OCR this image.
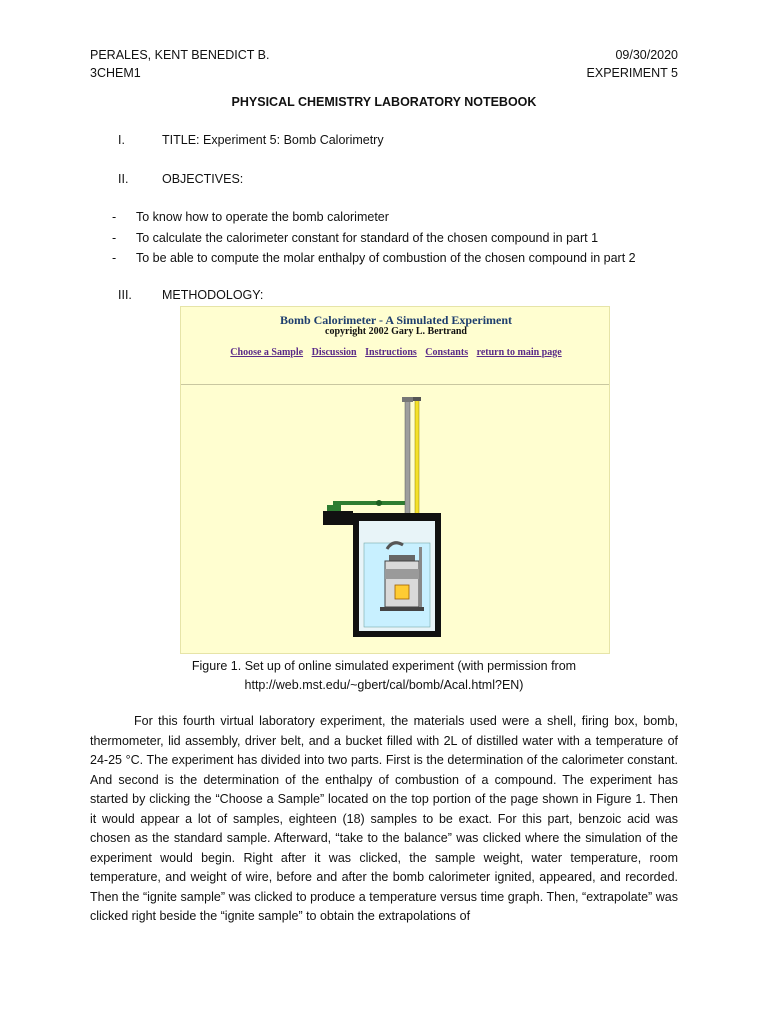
PERALES, KENT BENEDICT B.	09/30/2020
3CHEM1	EXPERIMENT 5
PHYSICAL CHEMISTRY LABORATORY NOTEBOOK
I.	TITLE: Experiment 5: Bomb Calorimetry
II.	OBJECTIVES:
- To know how to operate the bomb calorimeter
- To calculate the calorimeter constant for standard of the chosen compound in part 1
- To be able to compute the molar enthalpy of combustion of the chosen compound in part 2
III. METHODOLOGY:
Bomb Calorimeter - A Simulated Experiment
copyright 2002 Gary L. Bertrand
Choose a Sample Discussion Instructions Constants return to main page
Figure 1. Set up of online simulated experiment (with permission from
http://web.mst.edu/~gbert/cal/bomb/Acal.html?EN)

For this fourth virtual laboratory experiment, the materials used were a shell, firing box, bomb, thermometer, lid assembly, driver belt, and a bucket filled with 2L of distilled water with a temperature of 24-25 °C. The experiment has divided into two parts. First is the determination of the calorimeter constant. And second is the determination of the enthalpy of combustion of a compound. The experiment has started by clicking the “Choose a Sample” located on the top portion of the page shown in Figure 1. Then it would appear a lot of samples, eighteen (18) samples to be exact. For this part, benzoic acid was chosen as the standard sample. Afterward, “take to the balance” was clicked where the simulation of the experiment would begin. Right after it was clicked, the sample weight, water temperature, room temperature, and weight of wire, before and after the bomb calorimeter ignited, appeared, and recorded. Then the “ignite sample” was clicked to produce a temperature versus time graph. Then, “extrapolate” was clicked right beside the “ignite sample” to obtain the extrapolations of
